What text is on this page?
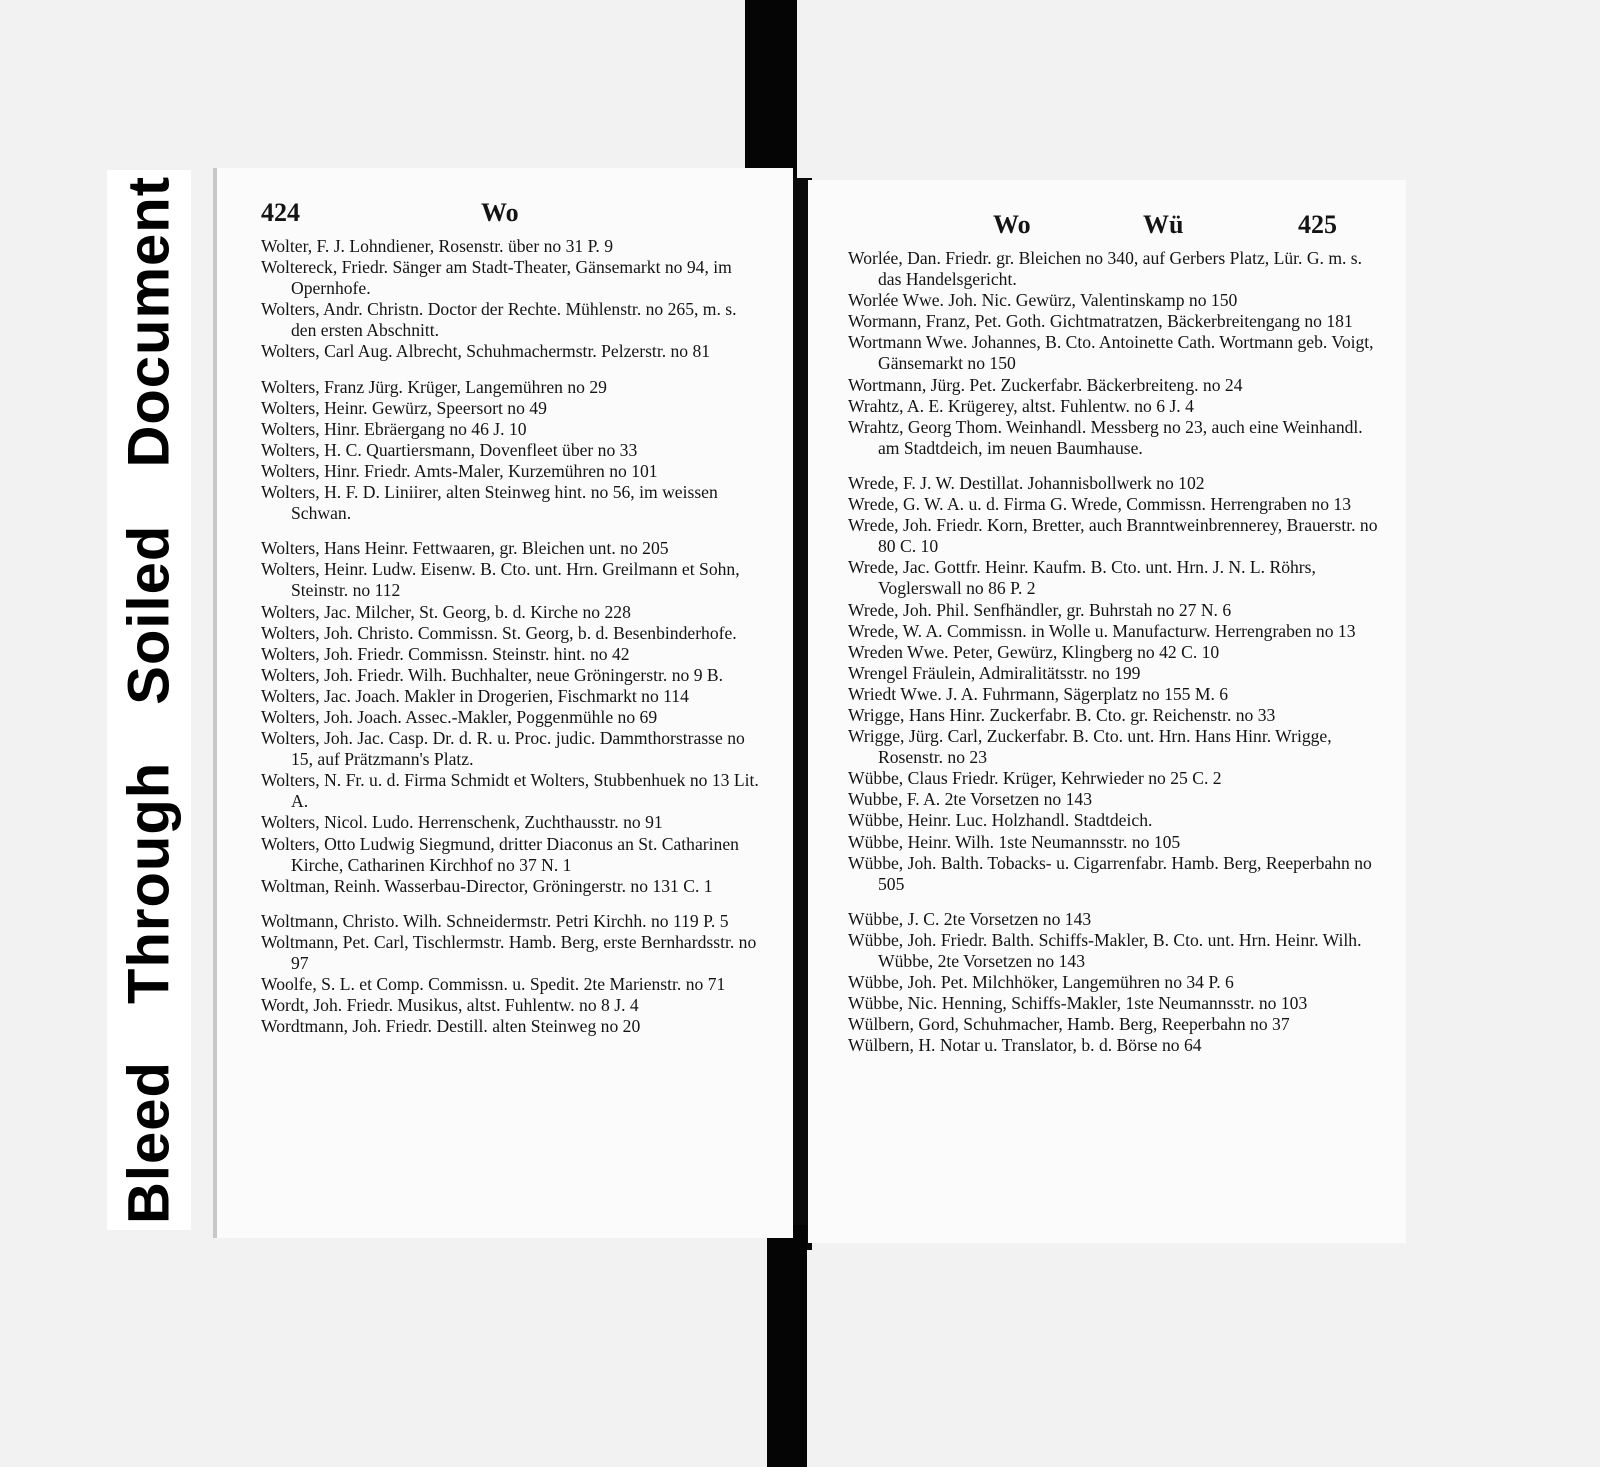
Bleed Through Soiled Document	424	Wo
Wolter, F. J. Lohndiener, Rosenstr. über no 31 P. 9
Woltereck, Friedr. Sänger am Stadt-Theater, Gänsemarkt no 94, im Opernhofe.
Wolters, Andr. Christn. Doctor der Rechte. Mühlenstr. no 265, m. s. den ersten Abschnitt.
Wolters, Carl Aug. Albrecht, Schuhmachermstr. Pelzerstr. no 81
Wolters, Franz Jürg. Krüger, Langemühren no 29
Wolters, Heinr. Gewürz, Speersort no 49
Wolters, Hinr. Ebräergang no 46 J. 10
Wolters, H. C. Quartiersmann, Dovenfleet über no 33
Wolters, Hinr. Friedr. Amts-Maler, Kurzemühren no 101
Wolters, H. F. D. Liniirer, alten Steinweg hint. no 56, im weissen Schwan.
Wolters, Hans Heinr. Fettwaaren, gr. Bleichen unt. no 205
Wolters, Heinr. Ludw. Eisenw. B. Cto. unt. Hrn. Greilmann et Sohn, Steinstr. no 112
Wolters, Jac. Milcher, St. Georg, b. d. Kirche no 228
Wolters, Joh. Christo. Commissn. St. Georg, b. d. Besenbinderhofe.
Wolters, Joh. Friedr. Commissn. Steinstr. hint. no 42
Wolters, Joh. Friedr. Wilh. Buchhalter, neue Gröningerstr. no 9 B.
Wolters, Jac. Joach. Makler in Drogerien, Fischmarkt no 114
Wolters, Joh. Joach. Assec.-Makler, Poggenmühle no 69
Wolters, Joh. Jac. Casp. Dr. d. R. u. Proc. judic. Dammthorstrasse no 15, auf Prätzmann's Platz.
Wolters, N. Fr. u. d. Firma Schmidt et Wolters, Stubbenhuek no 13 Lit. A.
Wolters, Nicol. Ludo. Herrenschenk, Zuchthausstr. no 91
Wolters, Otto Ludwig Siegmund, dritter Diaconus an St. Catharinen Kirche, Catharinen Kirchhof no 37 N. 1
Woltman, Reinh. Wasserbau-Director, Gröningerstr. no 131 C. 1
Woltmann, Christo. Wilh. Schneidermstr. Petri Kirchh. no 119 P. 5
Woltmann, Pet. Carl, Tischlermstr. Hamb. Berg, erste Bernhardsstr. no 97
Woolfe, S. L. et Comp. Commissn. u. Spedit. 2te Marienstr. no 71
Wordt, Joh. Friedr. Musikus, altst. Fuhlentw. no 8 J. 4
Wordtmann, Joh. Friedr. Destill. alten Steinweg no 20
Wo	Wü	425
Worlée, Dan. Friedr. gr. Bleichen no 340, auf Gerbers Platz, Lür. G. m. s. das Handelsgericht.
Worlée Wwe. Joh. Nic. Gewürz, Valentinskamp no 150
Wormann, Franz, Pet. Goth. Gichtmatratzen, Bäckerbreitengang no 181
Wortmann Wwe. Johannes, B. Cto. Antoinette Cath. Wortmann geb. Voigt, Gänsemarkt no 150
Wortmann, Jürg. Pet. Zuckerfabr. Bäckerbreiteng. no 24
Wrahtz, A. E. Krügerey, altst. Fuhlentw. no 6 J. 4
Wrahtz, Georg Thom. Weinhandl. Messberg no 23, auch eine Weinhandl. am Stadtdeich, im neuen Baumhause.
Wrede, F. J. W. Destillat. Johannisbollwerk no 102
Wrede, G. W. A. u. d. Firma G. Wrede, Commissn. Herrengraben no 13
Wrede, Joh. Friedr. Korn, Bretter, auch Branntweinbrennerey, Brauerstr. no 80 C. 10
Wrede, Jac. Gottfr. Heinr. Kaufm. B. Cto. unt. Hrn. J. N. L. Röhrs, Voglerswall no 86 P. 2
Wrede, Joh. Phil. Senfhändler, gr. Buhrstah no 27 N. 6
Wrede, W. A. Commissn. in Wolle u. Manufacturw. Herrengraben no 13
Wreden Wwe. Peter, Gewürz, Klingberg no 42 C. 10
Wrengel Fräulein, Admiralitätsstr. no 199
Wriedt Wwe. J. A. Fuhrmann, Sägerplatz no 155 M. 6
Wrigge, Hans Hinr. Zuckerfabr. B. Cto. gr. Reichenstr. no 33
Wrigge, Jürg. Carl, Zuckerfabr. B. Cto. unt. Hrn. Hans Hinr. Wrigge, Rosenstr. no 23
Wübbe, Claus Friedr. Krüger, Kehrwieder no 25 C. 2
Wubbe, F. A. 2te Vorsetzen no 143
Wübbe, Heinr. Luc. Holzhandl. Stadtdeich.
Wübbe, Heinr. Wilh. 1ste Neumannsstr. no 105
Wübbe, Joh. Balth. Tobacks- u. Cigarrenfabr. Hamb. Berg, Reeperbahn no 505
Wübbe, J. C. 2te Vorsetzen no 143
Wübbe, Joh. Friedr. Balth. Schiffs-Makler, B. Cto. unt. Hrn. Heinr. Wilh. Wübbe, 2te Vorsetzen no 143
Wübbe, Joh. Pet. Milchhöker, Langemühren no 34 P. 6
Wübbe, Nic. Henning, Schiffs-Makler, 1ste Neumannsstr. no 103
Wülbern, Gord, Schuhmacher, Hamb. Berg, Reeperbahn no 37
Wülbern, H. Notar u. Translator, b. d. Börse no 64
